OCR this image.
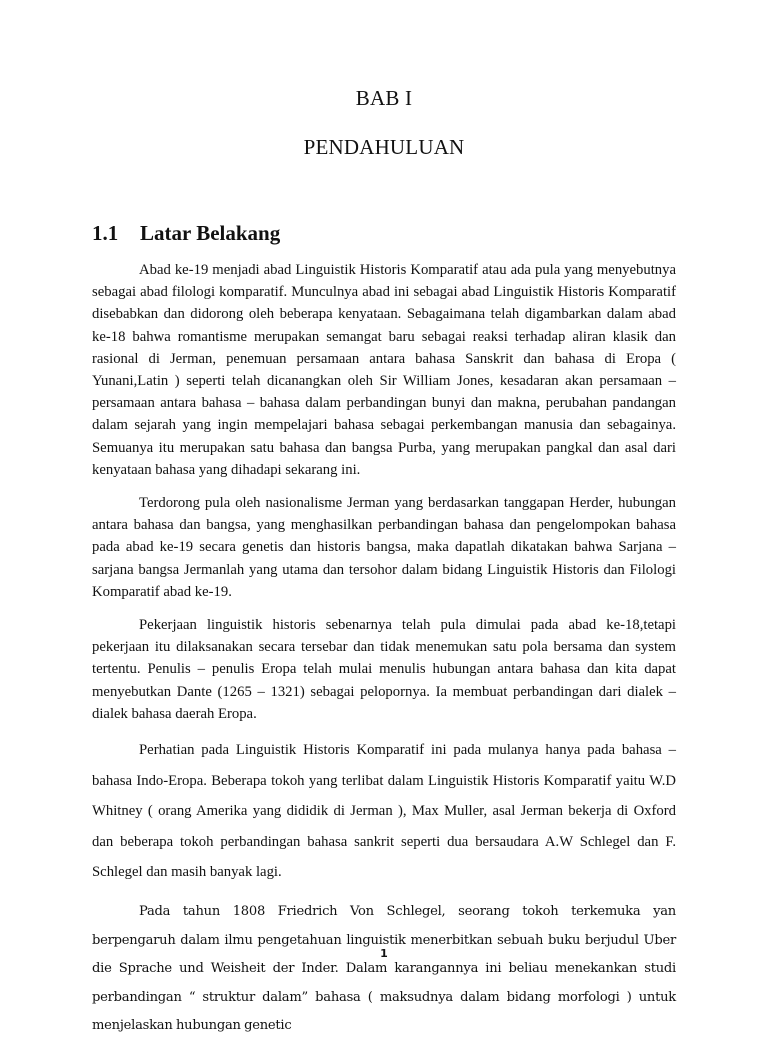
BAB I
PENDAHULUAN
1.1 Latar Belakang

Abad ke-19 menjadi abad Linguistik Historis Komparatif atau ada pula yang menyebutnya sebagai abad filologi komparatif. Munculnya abad ini sebagai abad Linguistik Historis Komparatif disebabkan dan didorong oleh beberapa kenyataan. Sebagaimana telah digambarkan dalam abad ke-18 bahwa romantisme merupakan semangat baru sebagai reaksi terhadap aliran klasik dan rasional di Jerman, penemuan persamaan antara bahasa Sanskrit dan bahasa di Eropa ( Yunani,Latin ) seperti telah dicanangkan oleh Sir William Jones, kesadaran akan persamaan – persamaan antara bahasa – bahasa dalam perbandingan bunyi dan makna, perubahan pandangan dalam sejarah yang ingin mempelajari bahasa sebagai perkembangan manusia dan sebagainya. Semuanya itu merupakan satu bahasa dan bangsa Purba, yang merupakan pangkal dan asal dari kenyataan bahasa yang dihadapi sekarang ini.

Terdorong pula oleh nasionalisme Jerman yang berdasarkan tanggapan Herder, hubungan antara bahasa dan bangsa, yang menghasilkan perbandingan bahasa dan pengelompokan bahasa pada abad ke-19 secara genetis dan historis bangsa, maka dapatlah dikatakan bahwa Sarjana – sarjana bangsa Jermanlah yang utama dan tersohor dalam bidang Linguistik Historis dan Filologi Komparatif abad ke-19.

Pekerjaan linguistik historis sebenarnya telah pula dimulai pada abad ke-18,tetapi pekerjaan itu dilaksanakan secara tersebar dan tidak menemukan satu pola bersama dan system tertentu. Penulis – penulis Eropa telah mulai menulis hubungan antara bahasa dan kita dapat menyebutkan Dante (1265 – 1321) sebagai pelopornya. Ia membuat perbandingan dari dialek – dialek bahasa daerah Eropa.

Perhatian pada Linguistik Historis Komparatif ini pada mulanya hanya pada bahasa – bahasa Indo-Eropa. Beberapa tokoh yang terlibat dalam Linguistik Historis Komparatif yaitu W.D Whitney ( orang Amerika yang dididik di Jerman ), Max Muller, asal Jerman bekerja di Oxford dan beberapa tokoh perbandingan bahasa sankrit seperti dua bersaudara A.W Schlegel dan F. Schlegel dan masih banyak lagi.

Pada tahun 1808 Friedrich Von Schlegel, seorang tokoh terkemuka yan berpengaruh dalam ilmu pengetahuan linguistik menerbitkan sebuah buku berjudul Uber die Sprache und Weisheit der Inder. Dalam karangannya ini beliau menekankan studi perbandingan “ struktur dalam” bahasa ( maksudnya dalam bidang morfologi ) untuk menjelaskan hubungan genetic

1
